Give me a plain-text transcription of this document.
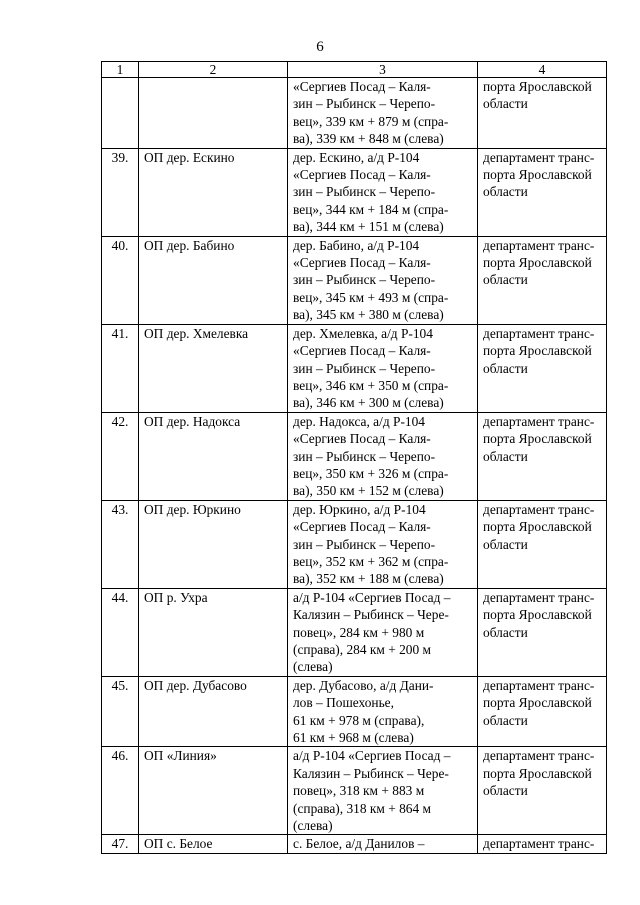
6
1	2	3	4

		«Сергиев Посад – Каля-
зин – Рыбинск – Черепо-
вец», 339 км + 879 м (спра-
ва), 339 км + 848 м (слева)	порта Ярославской
области

39.	ОП дер. Ескино	дер. Ескино, а/д Р-104
«Сергиев Посад – Каля-
зин – Рыбинск – Черепо-
вец», 344 км + 184 м (спра-
ва), 344 км + 151 м (слева)	департамент транс-
порта Ярославской
области

40.	ОП дер. Бабино	дер. Бабино, а/д Р-104
«Сергиев Посад – Каля-
зин – Рыбинск – Черепо-
вец», 345 км + 493 м (спра-
ва), 345 км + 380 м (слева)	департамент транс-
порта Ярославской
области

41.	ОП дер. Хмелевка	дер. Хмелевка, а/д Р-104
«Сергиев Посад – Каля-
зин – Рыбинск – Черепо-
вец», 346 км + 350 м (спра-
ва), 346 км + 300 м (слева)	департамент транс-
порта Ярославской
области

42.	ОП дер. Надокса	дер. Надокса, а/д Р-104
«Сергиев Посад – Каля-
зин – Рыбинск – Черепо-
вец», 350 км + 326 м (спра-
ва), 350 км + 152 м (слева)	департамент транс-
порта Ярославской
области

43.	ОП дер. Юркино	дер. Юркино, а/д Р-104
«Сергиев Посад – Каля-
зин – Рыбинск – Черепо-
вец», 352 км + 362 м (спра-
ва), 352 км + 188 м (слева)	департамент транс-
порта Ярославской
области

44.	ОП р. Ухра	а/д Р-104 «Сергиев Посад –
Калязин – Рыбинск – Чере-
повец», 284 км + 980 м
(справа), 284 км + 200 м
(слева)	департамент транс-
порта Ярославской
области

45.	ОП дер. Дубасово	дер. Дубасово, а/д Дани-
лов – Пошехонье,
61 км + 978 м (справа),
61 км + 968 м (слева)	департамент транс-
порта Ярославской
области

46.	ОП «Линия»	а/д Р-104 «Сергиев Посад –
Калязин – Рыбинск – Чере-
повец», 318 км + 883 м
(справа), 318 км + 864 м
(слева)	департамент транс-
порта Ярославской
области

47.	ОП с. Белое	с. Белое, а/д Данилов –	департамент транс-
